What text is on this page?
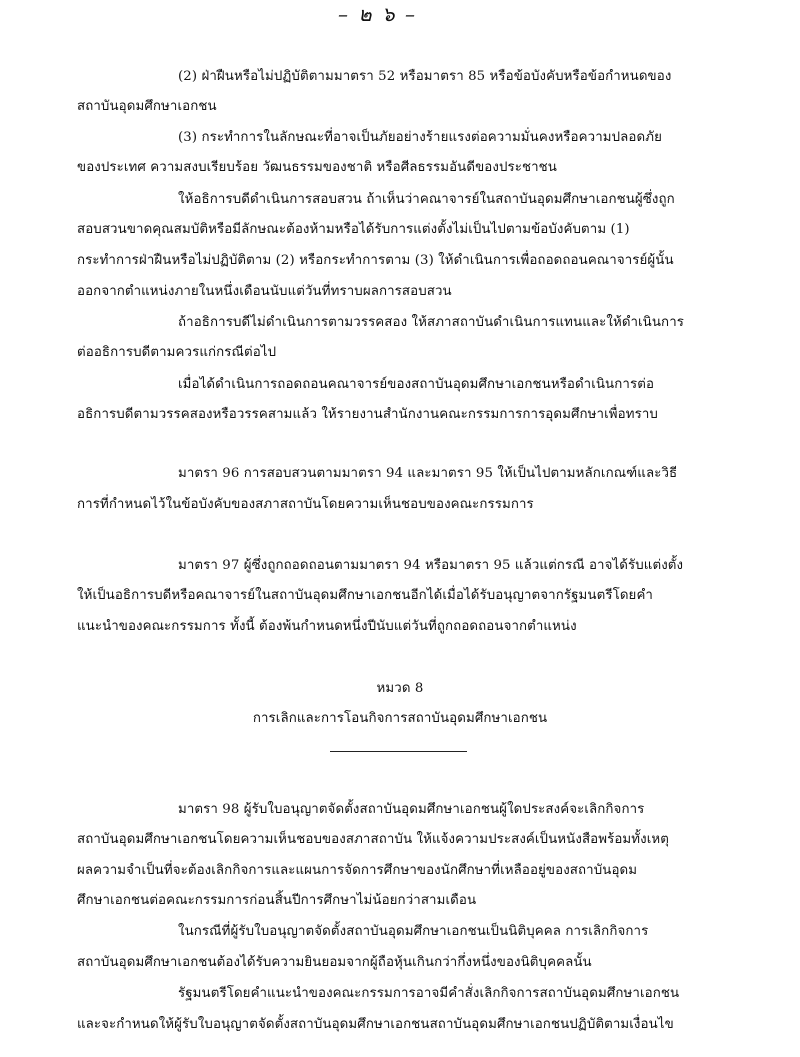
– ๒ ๖ –
(2) ฝ่าฝืนหรือไม่ปฏิบัติตามมาตรา 52 หรือมาตรา 85 หรือข้อบังคับหรือข้อกำหนดของ
สถาบันอุดมศึกษาเอกชน
(3) กระทำการในลักษณะที่อาจเป็นภัยอย่างร้ายแรงต่อความมั่นคงหรือความปลอดภัย
ของประเทศ ความสงบเรียบร้อย วัฒนธรรมของชาติ หรือศีลธรรมอันดีของประชาชน
ให้อธิการบดีดำเนินการสอบสวน ถ้าเห็นว่าคณาจารย์ในสถาบันอุดมศึกษาเอกชนผู้ซึ่งถูก
สอบสวนขาดคุณสมบัติหรือมีลักษณะต้องห้ามหรือได้รับการแต่งตั้งไม่เป็นไปตามข้อบังคับตาม (1)
กระทำการฝ่าฝืนหรือไม่ปฏิบัติตาม (2) หรือกระทำการตาม (3) ให้ดำเนินการเพื่อถอดถอนคณาจารย์ผู้นั้น
ออกจากตำแหน่งภายในหนึ่งเดือนนับแต่วันที่ทราบผลการสอบสวน
ถ้าอธิการบดีไม่ดำเนินการตามวรรคสอง ให้สภาสถาบันดำเนินการแทนและให้ดำเนินการ
ต่ออธิการบดีตามควรแก่กรณีต่อไป
เมื่อได้ดำเนินการถอดถอนคณาจารย์ของสถาบันอุดมศึกษาเอกชนหรือดำเนินการต่อ
อธิการบดีตามวรรคสองหรือวรรคสามแล้ว ให้รายงานสำนักงานคณะกรรมการการอุดมศึกษาเพื่อทราบ
มาตรา 96 การสอบสวนตามมาตรา 94 และมาตรา 95 ให้เป็นไปตามหลักเกณฑ์และวิธี
การที่กำหนดไว้ในข้อบังคับของสภาสถาบันโดยความเห็นชอบของคณะกรรมการ
มาตรา 97 ผู้ซึ่งถูกถอดถอนตามมาตรา 94 หรือมาตรา 95 แล้วแต่กรณี อาจได้รับแต่งตั้ง
ให้เป็นอธิการบดีหรือคณาจารย์ในสถาบันอุดมศึกษาเอกชนอีกได้เมื่อได้รับอนุญาตจากรัฐมนตรีโดยคำ
แนะนำของคณะกรรมการ ทั้งนี้ ต้องพ้นกำหนดหนึ่งปีนับแต่วันที่ถูกถอดถอนจากตำแหน่ง
หมวด 8
การเลิกและการโอนกิจการสถาบันอุดมศึกษาเอกชน
มาตรา 98 ผู้รับใบอนุญาตจัดตั้งสถาบันอุดมศึกษาเอกชนผู้ใดประสงค์จะเลิกกิจการ
สถาบันอุดมศึกษาเอกชนโดยความเห็นชอบของสภาสถาบัน ให้แจ้งความประสงค์เป็นหนังสือพร้อมทั้งเหตุ
ผลความจำเป็นที่จะต้องเลิกกิจการและแผนการจัดการศึกษาของนักศึกษาที่เหลืออยู่ของสถาบันอุดม
ศึกษาเอกชนต่อคณะกรรมการก่อนสิ้นปีการศึกษาไม่น้อยกว่าสามเดือน
ในกรณีที่ผู้รับใบอนุญาตจัดตั้งสถาบันอุดมศึกษาเอกชนเป็นนิติบุคคล การเลิกกิจการ
สถาบันอุดมศึกษาเอกชนต้องได้รับความยินยอมจากผู้ถือหุ้นเกินกว่ากึ่งหนึ่งของนิติบุคคลนั้น
รัฐมนตรีโดยคำแนะนำของคณะกรรมการอาจมีคำสั่งเลิกกิจการสถาบันอุดมศึกษาเอกชน
และจะกำหนดให้ผู้รับใบอนุญาตจัดตั้งสถาบันอุดมศึกษาเอกชนสถาบันอุดมศึกษาเอกชนปฏิบัติตามเงื่อนไข
